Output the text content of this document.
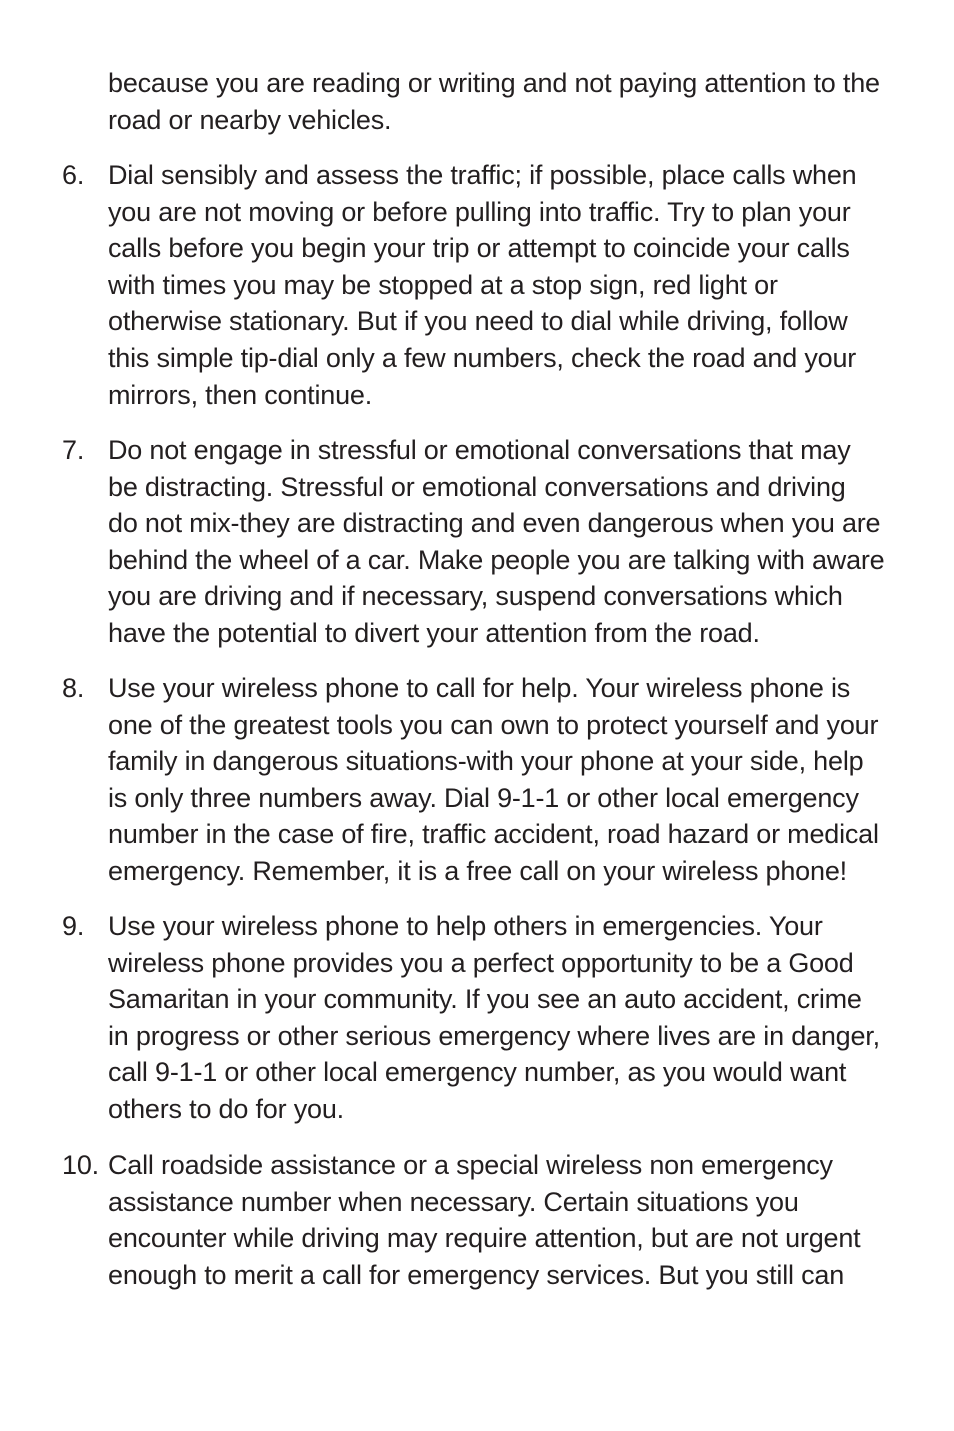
because you are reading or writing and not paying attention to the
road or nearby vehicles.

6. Dial sensibly and assess the traffic; if possible, place calls when
you are not moving or before pulling into traffic. Try to plan your
calls before you begin your trip or attempt to coincide your calls
with times you may be stopped at a stop sign, red light or
otherwise stationary. But if you need to dial while driving, follow
this simple tip-dial only a few numbers, check the road and your
mirrors, then continue.

7. Do not engage in stressful or emotional conversations that may
be distracting. Stressful or emotional conversations and driving
do not mix-they are distracting and even dangerous when you are
behind the wheel of a car. Make people you are talking with aware
you are driving and if necessary, suspend conversations which
have the potential to divert your attention from the road.

8. Use your wireless phone to call for help. Your wireless phone is
one of the greatest tools you can own to protect yourself and your
family in dangerous situations-with your phone at your side, help
is only three numbers away. Dial 9-1-1 or other local emergency
number in the case of fire, traffic accident, road hazard or medical
emergency. Remember, it is a free call on your wireless phone!

9. Use your wireless phone to help others in emergencies. Your
wireless phone provides you a perfect opportunity to be a Good
Samaritan in your community. If you see an auto accident, crime
in progress or other serious emergency where lives are in danger,
call 9-1-1 or other local emergency number, as you would want
others to do for you.

10. Call roadside assistance or a special wireless non emergency
assistance number when necessary. Certain situations you
encounter while driving may require attention, but are not urgent
enough to merit a call for emergency services. But you still can
